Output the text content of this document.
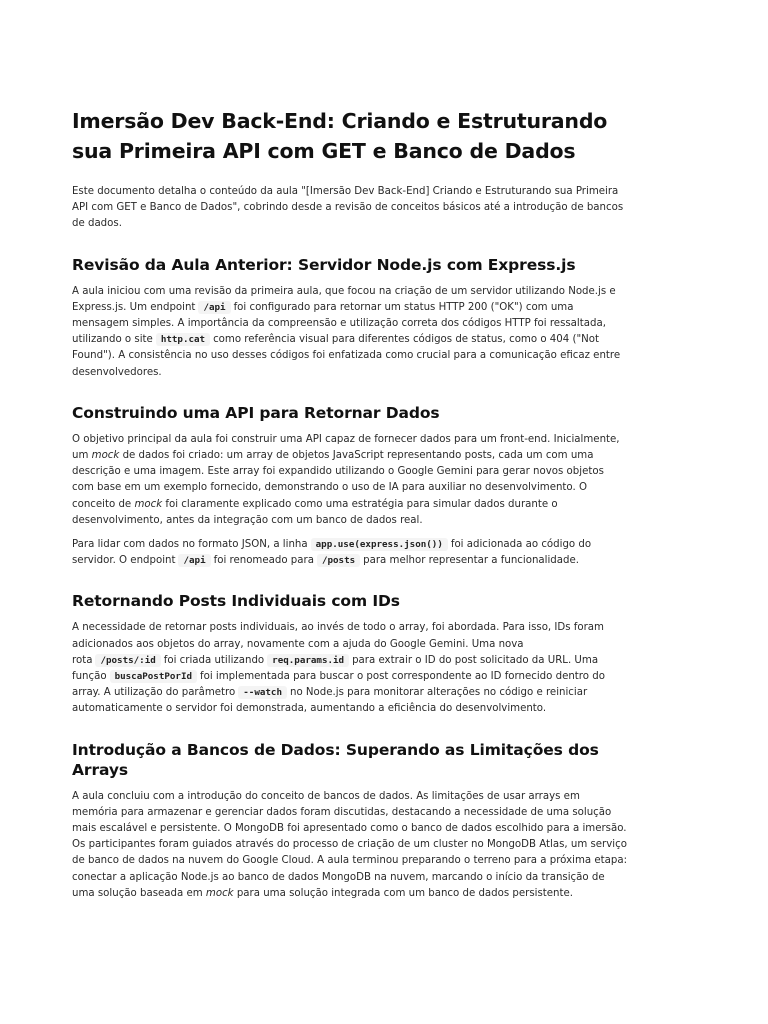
Imersão Dev Back-End: Criando e Estruturando sua Primeira API com GET e Banco de Dados

Este documento detalha o conteúdo da aula "[Imersão Dev Back-End] Criando e Estruturando sua Primeira API com GET e Banco de Dados", cobrindo desde a revisão de conceitos básicos até a introdução de bancos de dados.

Revisão da Aula Anterior: Servidor Node.js com Express.js

A aula iniciou com uma revisão da primeira aula, que focou na criação de um servidor utilizando Node.js e Express.js. Um endpoint /api foi configurado para retornar um status HTTP 200 ("OK") com uma mensagem simples. A importância da compreensão e utilização correta dos códigos HTTP foi ressaltada, utilizando o site http.cat como referência visual para diferentes códigos de status, como o 404 ("Not Found"). A consistência no uso desses códigos foi enfatizada como crucial para a comunicação eficaz entre desenvolvedores.

Construindo uma API para Retornar Dados

O objetivo principal da aula foi construir uma API capaz de fornecer dados para um front-end. Inicialmente, um mock de dados foi criado: um array de objetos JavaScript representando posts, cada um com uma descrição e uma imagem. Este array foi expandido utilizando o Google Gemini para gerar novos objetos com base em um exemplo fornecido, demonstrando o uso de IA para auxiliar no desenvolvimento. O conceito de mock foi claramente explicado como uma estratégia para simular dados durante o desenvolvimento, antes da integração com um banco de dados real.

Para lidar com dados no formato JSON, a linha app.use(express.json()) foi adicionada ao código do servidor. O endpoint /api foi renomeado para /posts para melhor representar a funcionalidade.

Retornando Posts Individuais com IDs

A necessidade de retornar posts individuais, ao invés de todo o array, foi abordada. Para isso, IDs foram adicionados aos objetos do array, novamente com a ajuda do Google Gemini. Uma nova rota /posts/:id foi criada utilizando req.params.id para extrair o ID do post solicitado da URL. Uma função buscaPostPorId foi implementada para buscar o post correspondente ao ID fornecido dentro do array. A utilização do parâmetro --watch no Node.js para monitorar alterações no código e reiniciar automaticamente o servidor foi demonstrada, aumentando a eficiência do desenvolvimento.

Introdução a Bancos de Dados: Superando as Limitações dos Arrays

A aula concluiu com a introdução do conceito de bancos de dados. As limitações de usar arrays em memória para armazenar e gerenciar dados foram discutidas, destacando a necessidade de uma solução mais escalável e persistente. O MongoDB foi apresentado como o banco de dados escolhido para a imersão. Os participantes foram guiados através do processo de criação de um cluster no MongoDB Atlas, um serviço de banco de dados na nuvem do Google Cloud. A aula terminou preparando o terreno para a próxima etapa: conectar a aplicação Node.js ao banco de dados MongoDB na nuvem, marcando o início da transição de uma solução baseada em mock para uma solução integrada com um banco de dados persistente.
